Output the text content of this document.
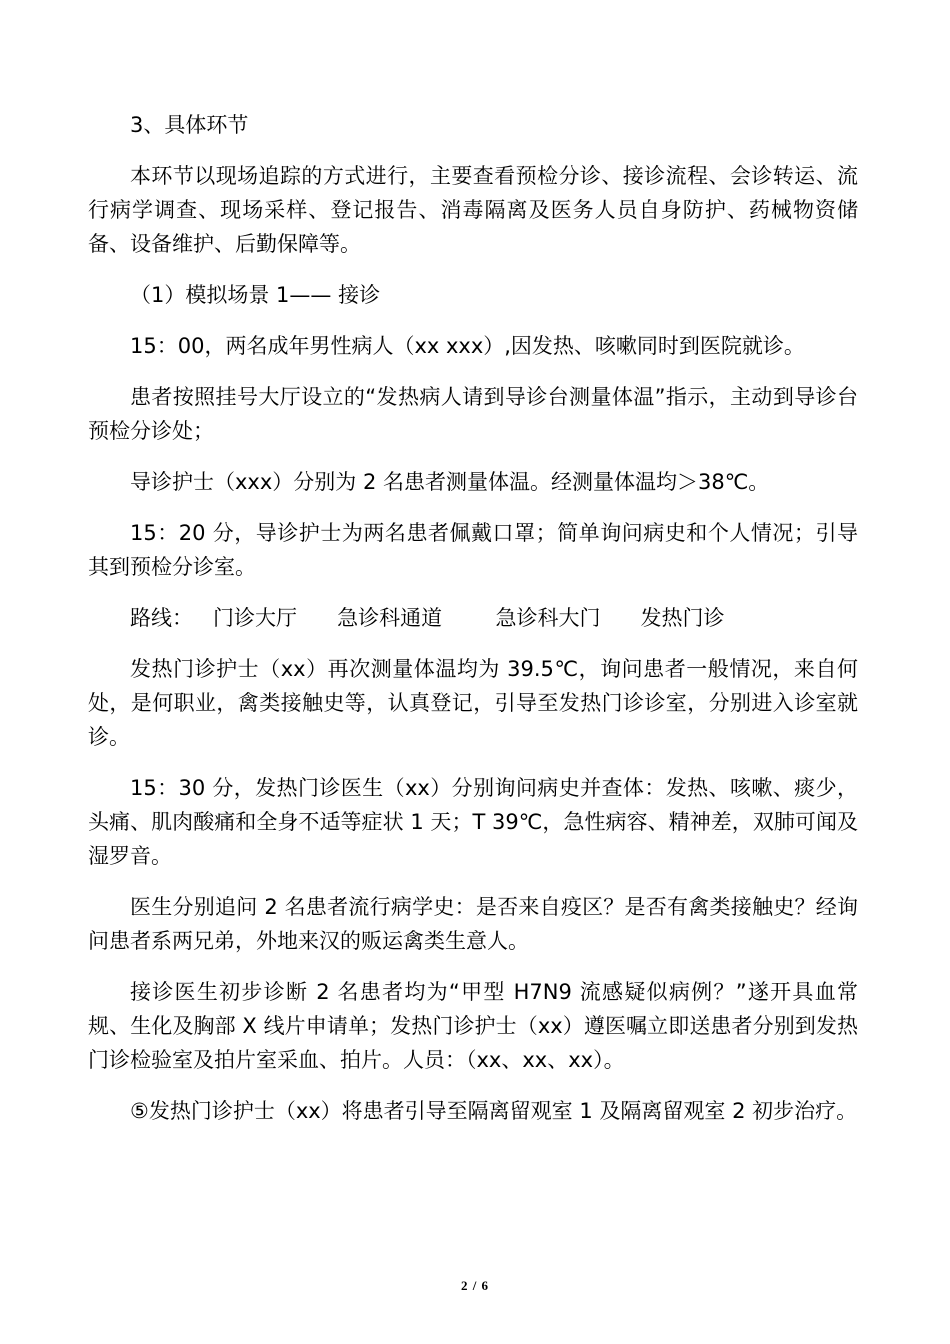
3、具体环节

本环节以现场追踪的方式进行，主要查看预检分诊、接诊流程、会诊转运、流行病学调查、现场采样、登记报告、消毒隔离及医务人员自身防护、药械物资储备、设备维护、后勤保障等。

（1）模拟场景 1—— 接诊

15：00，两名成年男性病人（xx xxx）,因发热、咳嗽同时到医院就诊。

患者按照挂号大厅设立的“发热病人请到导诊台测量体温”指示，主动到导诊台预检分诊处；

导诊护士（xxx）分别为 2 名患者测量体温。经测量体温均＞38℃。

15：20 分，导诊护士为两名患者佩戴口罩；简单询问病史和个人情况；引导其到预检分诊室。

路线：   门诊大厅      急诊科通道        急诊科大门      发热门诊

发热门诊护士（xx）再次测量体温均为 39.5℃，询问患者一般情况，来自何处，是何职业，禽类接触史等，认真登记，引导至发热门诊诊室，分别进入诊室就诊。

15：30 分，发热门诊医生（xx）分别询问病史并查体：发热、咳嗽、痰少，头痛、肌肉酸痛和全身不适等症状 1 天；T 39℃，急性病容、精神差，双肺可闻及湿罗音。

医生分别追问 2 名患者流行病学史：是否来自疫区？是否有禽类接触史？经询问患者系两兄弟，外地来汉的贩运禽类生意人。

接诊医生初步诊断 2 名患者均为“甲型 H7N9 流感疑似病例？”遂开具血常规、生化及胸部 X 线片申请单；发热门诊护士（xx）遵医嘱立即送患者分别到发热门诊检验室及拍片室采血、拍片。人员：（xx、xx、xx）。

⑤发热门诊护士（xx）将患者引导至隔离留观室 1 及隔离留观室 2 初步治疗。

2 / 6
